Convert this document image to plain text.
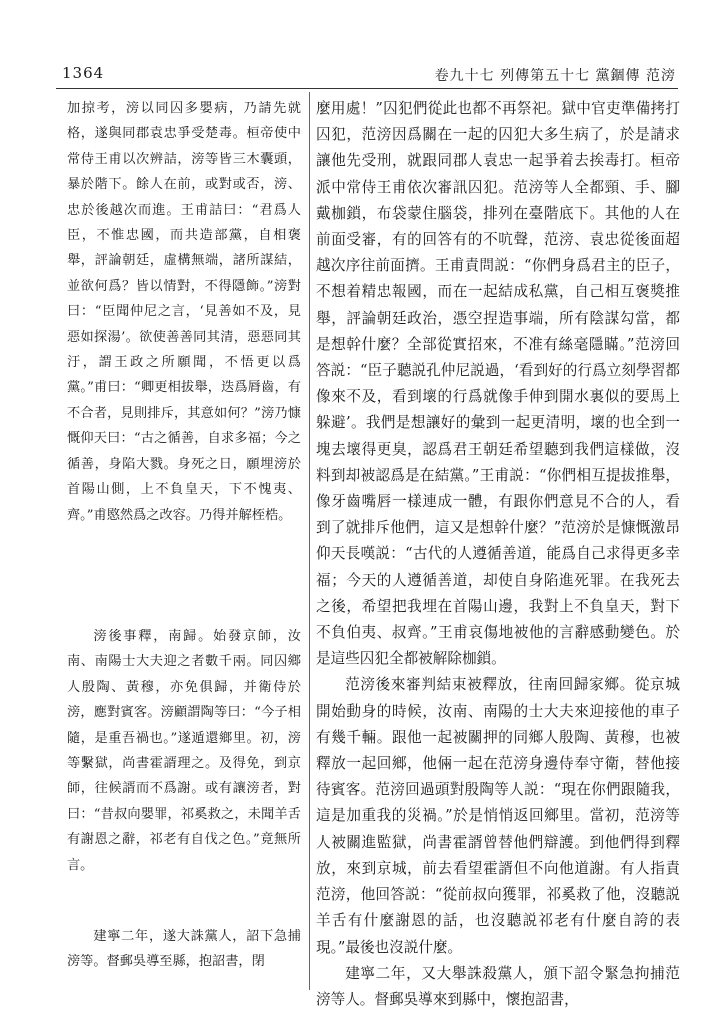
1364	卷九十七 列傳第五十七 黨錮傳 范滂

加掠考，滂以同囚多嬰病，乃請先就格，遂與同郡袁忠爭受楚毒。桓帝使中常侍王甫以次辨詰，滂等皆三木囊頭，暴於階下。餘人在前，或對或否，滂、忠於後越次而進。王甫詰曰：“君爲人臣，不惟忠國，而共造部黨，自相褒舉，評論朝廷，虛構無端，諸所謀結，並欲何爲？皆以情對，不得隱飾。”滂對曰：“臣聞仲尼之言，‘見善如不及，見惡如探湯’。欲使善善同其清，惡惡同其汙，謂王政之所願聞，不悟更以爲黨。”甫曰：“卿更相拔舉，迭爲脣齒，有不合者，見則排斥，其意如何？”滂乃慷慨仰天曰：“古之循善，自求多福；今之循善，身陷大戮。身死之日，願埋滂於首陽山側，上不負皇天，下不愧夷、齊。”甫愍然爲之改容。乃得并解桎梏。

滂後事釋，南歸。始發京師，汝南、南陽士大夫迎之者數千兩。同囚鄉人殷陶、黃穆，亦免俱歸，并衛侍於滂，應對賓客。滂顧謂陶等曰：“今子相隨，是重吾禍也。”遂遁還鄉里。初，滂等繫獄，尚書霍諝理之。及得免，到京師，往候諝而不爲謝。或有讓滂者，對曰：“昔叔向嬰罪，祁奚救之，未聞羊舌有謝恩之辭，祁老有自伐之色。”竟無所言。

建寧二年，遂大誅黨人，詔下急捕滂等。督郵吳導至縣，抱詔書，閉

麼用處！”囚犯們從此也都不再祭祀。獄中官吏準備拷打囚犯，范滂因爲關在一起的囚犯大多生病了，於是請求讓他先受刑，就跟同郡人袁忠一起爭着去挨毒打。桓帝派中常侍王甫依次審訊囚犯。范滂等人全都頸、手、腳戴枷鎖，布袋蒙住腦袋，排列在臺階底下。其他的人在前面受審，有的回答有的不吭聲，范滂、袁忠從後面超越次序往前面擠。王甫責問説：“你們身爲君主的臣子，不想着精忠報國，而在一起結成私黨，自己相互褒獎推舉，評論朝廷政治，憑空捏造事端，所有陰謀勾當，都是想幹什麼？全部從實招來，不准有絲毫隱瞞。”范滂回答説：“臣子聽説孔仲尼説過，‘看到好的行爲立刻學習都像來不及，看到壞的行爲就像手伸到開水裏似的要馬上躲避’。我們是想讓好的彙到一起更清明，壞的也全到一塊去壞得更臭，認爲君王朝廷希望聽到我們這樣做，沒料到却被認爲是在結黨。”王甫説：“你們相互提拔推舉，像牙齒嘴唇一樣連成一體，有跟你們意見不合的人，看到了就排斥他們，這又是想幹什麼？”范滂於是慷慨激昂仰天長嘆説：“古代的人遵循善道，能爲自己求得更多幸福；今天的人遵循善道，却使自身陷進死罪。在我死去之後，希望把我埋在首陽山邊，我對上不負皇天，對下不負伯夷、叔齊。”王甫哀傷地被他的言辭感動變色。於是這些囚犯全都被解除枷鎖。

范滂後來審判結束被釋放，往南回歸家鄉。從京城開始動身的時候，汝南、南陽的士大夫來迎接他的車子有幾千輛。跟他一起被關押的同鄉人殷陶、黃穆，也被釋放一起回鄉，他倆一起在范滂身邊侍奉守衛，替他接待賓客。范滂回過頭對殷陶等人説：“現在你們跟隨我，這是加重我的災禍。”於是悄悄返回鄉里。當初，范滂等人被關進監獄，尚書霍諝曾替他們辯護。到他們得到釋放，來到京城，前去看望霍諝但不向他道謝。有人指責范滂，他回答説：“從前叔向獲罪，祁奚救了他，沒聽説羊舌有什麼謝恩的話，也沒聽説祁老有什麼自誇的表現。”最後也沒説什麼。

建寧二年，又大舉誅殺黨人，頒下詔令緊急拘捕范滂等人。督郵吳導來到縣中，懷抱詔書，
